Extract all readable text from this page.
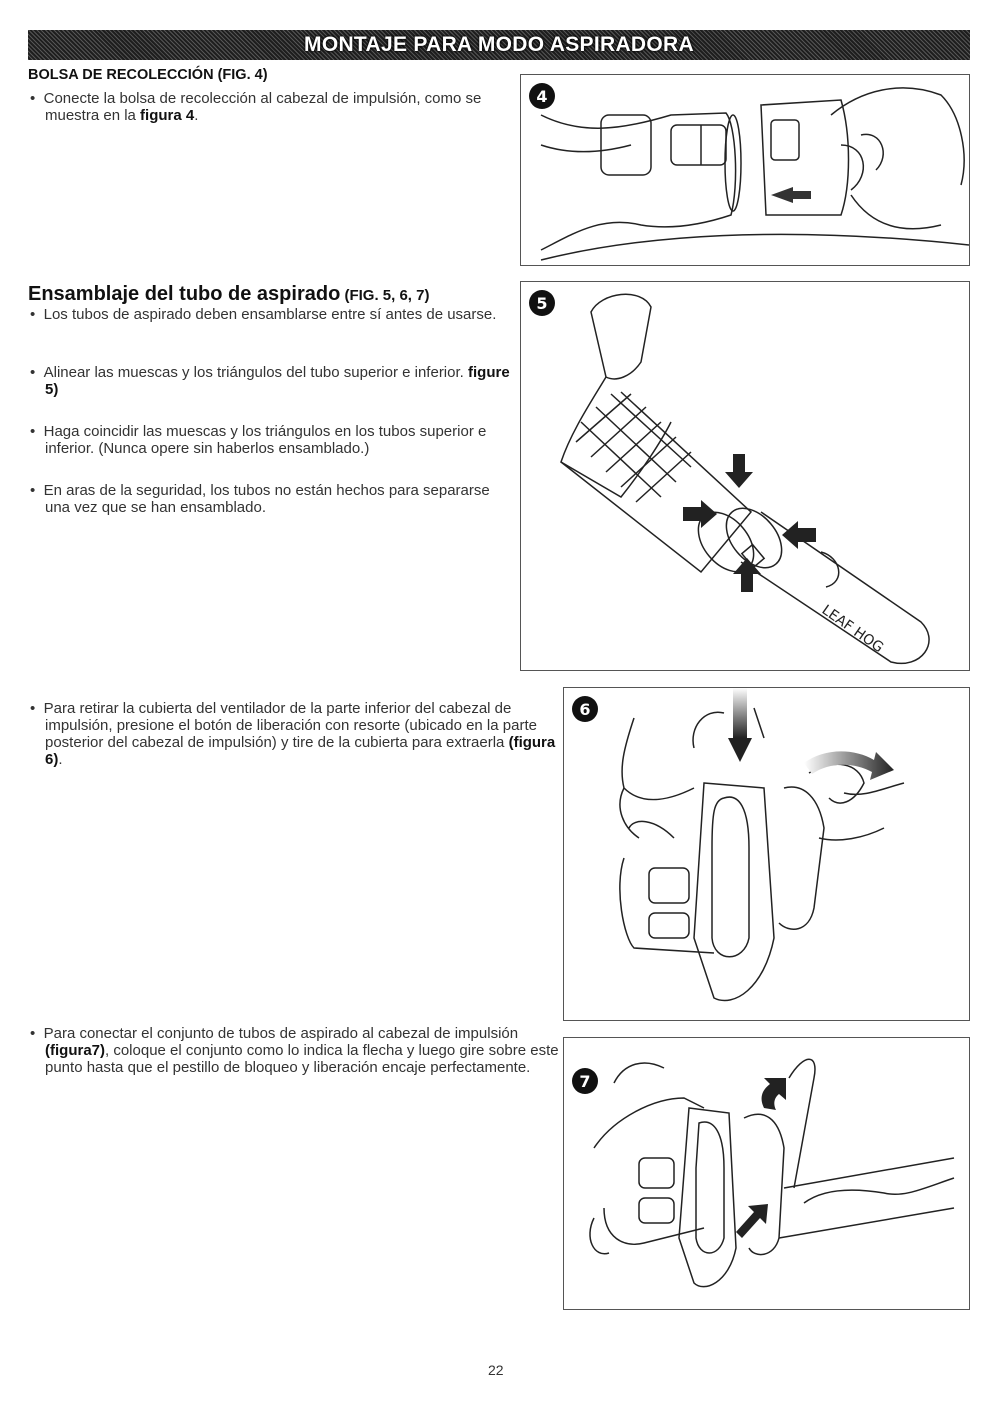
MONTAJE PARA MODO ASPIRADORA
BOLSA DE RECOLECCIÓN (FIG. 4)
• Conecte la bolsa de recolección al cabezal de impulsión, como se muestra en la figura 4.
4
Ensamblaje del tubo de aspirado (FIG. 5, 6, 7)
• Los tubos de aspirado deben ensamblarse entre sí antes de usarse.
• Alinear las muescas y los triángulos del tubo superior e inferior. figure 5)
• Haga coincidir las muescas y los triángulos en los tubos superior e inferior. (Nunca opere sin haberlos ensamblado.)
• En aras de la seguridad, los tubos no están hechos para separarse una vez que se han ensamblado.
LEAF HOG
5
• Para retirar la cubierta del ventilador de la parte inferior del cabezal de impulsión, presione el botón de liberación con resorte (ubicado en la parte posterior del cabezal de impulsión) y tire de la cubierta para extraerla (figura 6).
6
• Para conectar el conjunto de tubos de aspirado al cabezal de impulsión (figura7), coloque el conjunto como lo indica la flecha y luego gire sobre este punto hasta que el pestillo de bloqueo y liberación encaje perfectamente.
7
22
